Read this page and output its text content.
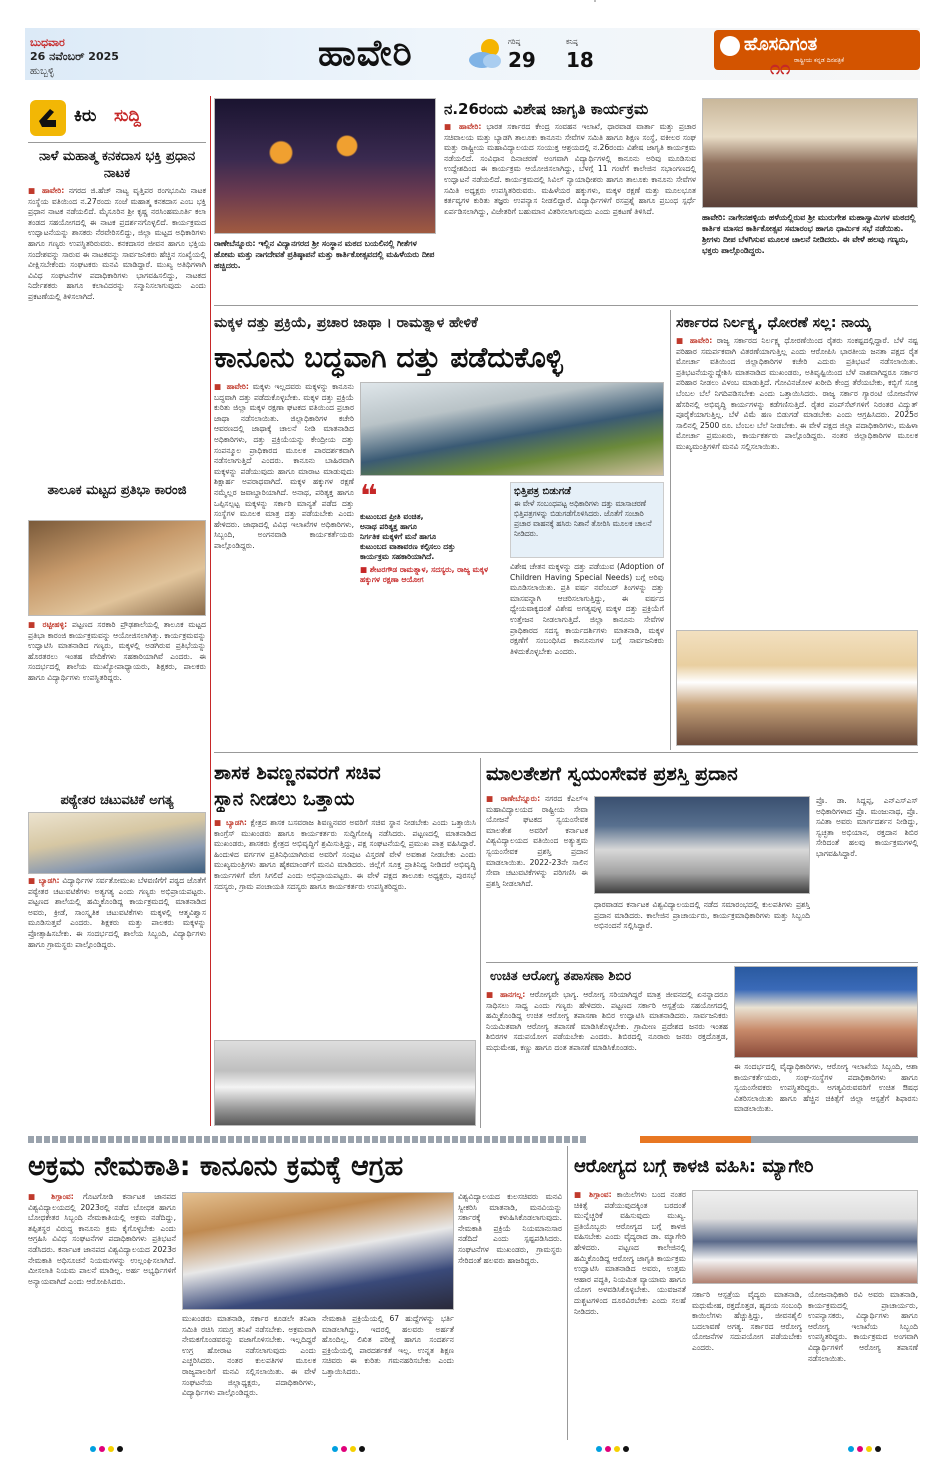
ಬುಧವಾರ
26 ನವೆಂಬರ್ 2025
ಹುಬ್ಬಳ್ಳಿ	ಹಾವೇರಿ	ಗರಿಷ್ಠ
29
ಕನಿಷ್ಠ
18
ಹೊಸದಿಗಂತ
ರಾಷ್ಟ್ರೀಯ ಕನ್ನಡ ದಿನಪತ್ರಿಕೆ
೧೧
ಕಿರು ಸುದ್ದಿ
ನಾಳೆ ಮಹಾತ್ಮ ಕನಕದಾಸ ಭಕ್ತಿ ಪ್ರಧಾನ ನಾಟಕ
■ ಹಾವೇರಿ: ನಗರದ ಜಿ.ಹೆಚ್ ನಾಟ್ಯ ವೃತ್ತಿಪರ ರಂಗಭೂಮಿ ನಾಟಕ ಸಂಸ್ಥೆಯ ವತಿಯಿಂದ ನ.27ರಂದು ಸಂಜೆ ಮಹಾತ್ಮ ಕನಕದಾಸ ಎಂಬ ಭಕ್ತಿ ಪ್ರಧಾನ ನಾಟಕ ನಡೆಯಲಿದೆ. ಮೈಸೂರಿನ ಶ್ರೀ ಕೃಷ್ಣ ನರಸಿಂಹಮೂರ್ತಿ ಕಲಾ ತಂಡದ ಸಹಯೋಗದಲ್ಲಿ ಈ ನಾಟಕ ಪ್ರದರ್ಶನಗೊಳ್ಳಲಿದೆ. ಕಾರ್ಯಕ್ರಮದ ಉದ್ಘಾಟನೆಯನ್ನು ಶಾಸಕರು ನೆರವೇರಿಸಲಿದ್ದು, ಜಿಲ್ಲಾ ಮಟ್ಟದ ಅಧಿಕಾರಿಗಳು ಹಾಗೂ ಗಣ್ಯರು ಉಪಸ್ಥಿತರಿರುವರು. ಕನಕದಾಸರ ಜೀವನ ಹಾಗೂ ಭಕ್ತಿಯ ಸಂದೇಶವನ್ನು ಸಾರುವ ಈ ನಾಟಕವನ್ನು ಸಾರ್ವಜನಿಕರು ಹೆಚ್ಚಿನ ಸಂಖ್ಯೆಯಲ್ಲಿ ವೀಕ್ಷಿಸಬೇಕೆಂದು ಸಂಘಟಕರು ಮನವಿ ಮಾಡಿದ್ದಾರೆ. ಮುಖ್ಯ ಅತಿಥಿಗಳಾಗಿ ವಿವಿಧ ಸಂಘಟನೆಗಳ ಪದಾಧಿಕಾರಿಗಳು ಭಾಗವಹಿಸಲಿದ್ದು, ನಾಟಕದ ನಿರ್ದೇಶಕರು ಹಾಗೂ ಕಲಾವಿದರನ್ನು ಸನ್ಮಾನಿಸಲಾಗುವುದು ಎಂದು ಪ್ರಕಟಣೆಯಲ್ಲಿ ತಿಳಿಸಲಾಗಿದೆ.
ತಾಲೂಕ ಮಟ್ಟದ ಪ್ರತಿಭಾ ಕಾರಂಜಿ
■ ರಟ್ಟೀಹಳ್ಳಿ: ಪಟ್ಟಣದ ಸರಕಾರಿ ಪ್ರೌಢಶಾಲೆಯಲ್ಲಿ ತಾಲೂಕ ಮಟ್ಟದ ಪ್ರತಿಭಾ ಕಾರಂಜಿ ಕಾರ್ಯಕ್ರಮವನ್ನು ಆಯೋಜಿಸಲಾಗಿತ್ತು. ಕಾರ್ಯಕ್ರಮವನ್ನು ಉದ್ಘಾಟಿಸಿ ಮಾತನಾಡಿದ ಗಣ್ಯರು, ಮಕ್ಕಳಲ್ಲಿ ಅಡಗಿರುವ ಪ್ರತಿಭೆಯನ್ನು ಹೊರತರಲು ಇಂತಹ ವೇದಿಕೆಗಳು ಸಹಕಾರಿಯಾಗಿವೆ ಎಂದರು. ಈ ಸಂದರ್ಭದಲ್ಲಿ ಶಾಲೆಯ ಮುಖ್ಯೋಪಾಧ್ಯಾಯರು, ಶಿಕ್ಷಕರು, ಪಾಲಕರು ಹಾಗೂ ವಿದ್ಯಾರ್ಥಿಗಳು ಉಪಸ್ಥಿತರಿದ್ದರು.
ಪಠ್ಯೇತರ ಚಟುವಟಿಕೆ ಅಗತ್ಯ
■ ಬ್ಯಾಡಗಿ: ವಿದ್ಯಾರ್ಥಿಗಳ ಸರ್ವತೋಮುಖ ಬೆಳವಣಿಗೆಗೆ ಪಠ್ಯದ ಜೊತೆಗೆ ಪಠ್ಯೇತರ ಚಟುವಟಿಕೆಗಳು ಅತ್ಯಗತ್ಯ ಎಂದು ಗಣ್ಯರು ಅಭಿಪ್ರಾಯಪಟ್ಟರು. ಪಟ್ಟಣದ ಶಾಲೆಯಲ್ಲಿ ಹಮ್ಮಿಕೊಂಡಿದ್ದ ಕಾರ್ಯಕ್ರಮದಲ್ಲಿ ಮಾತನಾಡಿದ ಅವರು, ಕ್ರೀಡೆ, ಸಾಂಸ್ಕೃತಿಕ ಚಟುವಟಿಕೆಗಳು ಮಕ್ಕಳಲ್ಲಿ ಆತ್ಮವಿಶ್ವಾಸ ಮೂಡಿಸುತ್ತವೆ ಎಂದರು. ಶಿಕ್ಷಕರು ಮತ್ತು ಪಾಲಕರು ಮಕ್ಕಳನ್ನು ಪ್ರೋತ್ಸಾಹಿಸಬೇಕು. ಈ ಸಂದರ್ಭದಲ್ಲಿ ಶಾಲೆಯ ಸಿಬ್ಬಂದಿ, ವಿದ್ಯಾರ್ಥಿಗಳು ಹಾಗೂ ಗ್ರಾಮಸ್ಥರು ಪಾಲ್ಗೊಂಡಿದ್ದರು.
ರಾಣೇಬೆನ್ನೂರು: ಇಲ್ಲಿನ ವಿದ್ಯಾನಗರದ ಶ್ರೀ ಸಂಸ್ಥಾನ ಮಠದ ಬಯಲಿನಲ್ಲಿ ಗೀತೆಗಳ ಹೋಮ ಮತ್ತು ನಾಗದೇವತೆ ಪ್ರತಿಷ್ಠಾಪನೆ ಮತ್ತು ಕಾರ್ತಿಕೋತ್ಸವದಲ್ಲಿ ಮಹಿಳೆಯರು ದೀಪ ಹಚ್ಚಿದರು.
ನ.26ರಂದು ವಿಶೇಷ ಜಾಗೃತಿ ಕಾರ್ಯಕ್ರಮ
■ ಹಾವೇರಿ: ಭಾರತ ಸರ್ಕಾರದ ಕೇಂದ್ರ ಸಂವಹನ ಇಲಾಖೆ, ಧಾರವಾಡ ವಾರ್ತಾ ಮತ್ತು ಪ್ರಚಾರ ಸಚಿವಾಲಯ ಮತ್ತು ಬ್ಯಾಡಗಿ ತಾಲೂಕು ಕಾನೂನು ಸೇವೆಗಳ ಸಮಿತಿ ಹಾಗೂ ಶಿಕ್ಷಣ ಸಂಸ್ಥೆ, ವಕೀಲರ ಸಂಘ ಮತ್ತು ರಾಷ್ಟ್ರೀಯ ಮಹಾವಿದ್ಯಾಲಯದ ಸಂಯುಕ್ತ ಆಶ್ರಯದಲ್ಲಿ ನ.26ರಂದು ವಿಶೇಷ ಜಾಗೃತಿ ಕಾರ್ಯಕ್ರಮ ನಡೆಯಲಿದೆ. ಸಂವಿಧಾನ ದಿನಾಚರಣೆ ಅಂಗವಾಗಿ ವಿದ್ಯಾರ್ಥಿಗಳಲ್ಲಿ ಕಾನೂನು ಅರಿವು ಮೂಡಿಸುವ ಉದ್ದೇಶದಿಂದ ಈ ಕಾರ್ಯಕ್ರಮ ಆಯೋಜಿಸಲಾಗಿದ್ದು, ಬೆಳಗ್ಗೆ 11 ಗಂಟೆಗೆ ಕಾಲೇಜಿನ ಸಭಾಂಗಣದಲ್ಲಿ ಉದ್ಘಾಟನೆ ನಡೆಯಲಿದೆ. ಕಾರ್ಯಕ್ರಮದಲ್ಲಿ ಸಿವಿಲ್ ನ್ಯಾಯಾಧೀಶರು ಹಾಗೂ ತಾಲೂಕು ಕಾನೂನು ಸೇವೆಗಳ ಸಮಿತಿ ಅಧ್ಯಕ್ಷರು ಉಪಸ್ಥಿತರಿರುವರು. ಮಹಿಳೆಯರ ಹಕ್ಕುಗಳು, ಮಕ್ಕಳ ರಕ್ಷಣೆ ಮತ್ತು ಮೂಲಭೂತ ಕರ್ತವ್ಯಗಳ ಕುರಿತು ತಜ್ಞರು ಉಪನ್ಯಾಸ ನೀಡಲಿದ್ದಾರೆ. ವಿದ್ಯಾರ್ಥಿಗಳಿಗೆ ರಸಪ್ರಶ್ನೆ ಹಾಗೂ ಪ್ರಬಂಧ ಸ್ಪರ್ಧೆ ಏರ್ಪಡಿಸಲಾಗಿದ್ದು, ವಿಜೇತರಿಗೆ ಬಹುಮಾನ ವಿತರಿಸಲಾಗುವುದು ಎಂದು ಪ್ರಕಟಣೆ ತಿಳಿಸಿದೆ.
ಹಾವೇರಿ: ನಾಗೇನಹಳ್ಳಿಯ ಹಳೆಯಲ್ಲಿರುವ ಶ್ರೀ ಮುರುಗೇಶ ಮಹಾಸ್ವಾಮಿಗಳ ಮಠದಲ್ಲಿ ಕಾರ್ತಿಕ ಮಾಸದ ಕಾರ್ತಿಕೋತ್ಸವ ಸಮಾರಂಭ ಹಾಗೂ ಧಾರ್ಮಿಕ ಸಭೆ ನಡೆಯಿತು. ಶ್ರೀಗಳು ದೀಪ ಬೆಳಗಿಸುವ ಮೂಲಕ ಚಾಲನೆ ನೀಡಿದರು. ಈ ವೇಳೆ ಹಲವು ಗಣ್ಯರು, ಭಕ್ತರು ಪಾಲ್ಗೊಂಡಿದ್ದರು.
ಮಕ್ಕಳ ದತ್ತು ಪ್ರಕ್ರಿಯೆ, ಪ್ರಚಾರ ಜಾಥಾ । ರಾಮತ್ನಾಳ ಹೇಳಿಕೆ
ಕಾನೂನು ಬದ್ಧವಾಗಿ ದತ್ತು ಪಡೆದುಕೊಳ್ಳಿ
■ ಹಾವೇರಿ: ಮಕ್ಕಳು ಇಲ್ಲದವರು ಮಕ್ಕಳನ್ನು ಕಾನೂನು ಬದ್ಧವಾಗಿ ದತ್ತು ಪಡೆದುಕೊಳ್ಳಬೇಕು. ಮಕ್ಕಳ ದತ್ತು ಪ್ರಕ್ರಿಯೆ ಕುರಿತು ಜಿಲ್ಲಾ ಮಕ್ಕಳ ರಕ್ಷಣಾ ಘಟಕದ ವತಿಯಿಂದ ಪ್ರಚಾರ ಜಾಥಾ ನಡೆಸಲಾಯಿತು. ಜಿಲ್ಲಾಧಿಕಾರಿಗಳ ಕಚೇರಿ ಆವರಣದಲ್ಲಿ ಜಾಥಾಕ್ಕೆ ಚಾಲನೆ ನೀಡಿ ಮಾತನಾಡಿದ ಅಧಿಕಾರಿಗಳು, ದತ್ತು ಪ್ರಕ್ರಿಯೆಯನ್ನು ಕೇಂದ್ರೀಯ ದತ್ತು ಸಂಪನ್ಮೂಲ ಪ್ರಾಧಿಕಾರದ ಮೂಲಕ ಪಾರದರ್ಶಕವಾಗಿ ನಡೆಸಲಾಗುತ್ತಿದೆ ಎಂದರು. ಕಾನೂನು ಬಾಹಿರವಾಗಿ ಮಕ್ಕಳನ್ನು ಪಡೆಯುವುದು ಹಾಗೂ ಮಾರಾಟ ಮಾಡುವುದು ಶಿಕ್ಷಾರ್ಹ ಅಪರಾಧವಾಗಿದೆ. ಮಕ್ಕಳ ಹಕ್ಕುಗಳ ರಕ್ಷಣೆ ನಮ್ಮೆಲ್ಲರ ಜವಾಬ್ದಾರಿಯಾಗಿದೆ. ಅನಾಥ, ಪರಿತ್ಯಕ್ತ ಹಾಗೂ ಒಪ್ಪಿಸಲ್ಪಟ್ಟ ಮಕ್ಕಳನ್ನು ಸರ್ಕಾರಿ ಮಾನ್ಯತೆ ಪಡೆದ ದತ್ತು ಸಂಸ್ಥೆಗಳ ಮೂಲಕ ಮಾತ್ರ ದತ್ತು ಪಡೆಯಬೇಕು ಎಂದು ಹೇಳಿದರು. ಜಾಥಾದಲ್ಲಿ ವಿವಿಧ ಇಲಾಖೆಗಳ ಅಧಿಕಾರಿಗಳು, ಸಿಬ್ಬಂದಿ, ಅಂಗನವಾಡಿ ಕಾರ್ಯಕರ್ತೆಯರು ಪಾಲ್ಗೊಂಡಿದ್ದರು.
❝
ಕುಟುಂಬದ ಪ್ರೀತಿ ವಂಚಿತ,
ಅನಾಥ ಪರಿತ್ಯಕ್ತ ಹಾಗೂ
ನಿರ್ಗತಿಕ ಮಕ್ಕಳಿಗೆ ಮನೆ ಹಾಗೂ
ಕುಟುಂಬದ ವಾತಾವರಣ ಕಲ್ಪಿಸಲು ದತ್ತು
ಕಾರ್ಯಕ್ರಮ ಸಹಕಾರಿಯಾಗಿದೆ.
■ ಶೇಟರಗೌಡ ರಾಮತ್ನಾಳ, ಸದಸ್ಯರು, ರಾಜ್ಯ ಮಕ್ಕಳ ಹಕ್ಕುಗಳ ರಕ್ಷಣಾ ಆಯೋಗ
ಭಿತ್ತಿಪತ್ರ ಬಿಡುಗಡೆ
ಈ ವೇಳೆ ಸಂಬಂಧಪಟ್ಟ ಅಧಿಕಾರಿಗಳು ದತ್ತು ಮಾಸಾಚರಣೆ ಭಿತ್ತಿಪತ್ರಗಳನ್ನು ಬಿಡುಗಡೆಗೊಳಿಸಿದರು. ಜೊತೆಗೆ ಸಂಚಾರಿ ಪ್ರಚಾರ ವಾಹನಕ್ಕೆ ಹಸಿರು ನಿಶಾನೆ ತೋರಿಸಿ ಮೂಲಕ ಚಾಲನೆ ನೀಡಿದರು.
ವಿಶೇಷ ಚೇತನ ಮಕ್ಕಳನ್ನು ದತ್ತು ಪಡೆಯುವ (Adoption of Children Having Special Needs) ಬಗ್ಗೆ ಅರಿವು ಮೂಡಿಸಲಾಯಿತು. ಪ್ರತಿ ವರ್ಷ ನವೆಂಬರ್ ತಿಂಗಳನ್ನು ದತ್ತು ಮಾಸವನ್ನಾಗಿ ಆಚರಿಸಲಾಗುತ್ತಿದ್ದು, ಈ ವರ್ಷದ ಧ್ಯೇಯವಾಕ್ಯದಂತೆ ವಿಶೇಷ ಅಗತ್ಯವುಳ್ಳ ಮಕ್ಕಳ ದತ್ತು ಪ್ರಕ್ರಿಯೆಗೆ ಉತ್ತೇಜನ ನೀಡಲಾಗುತ್ತಿದೆ. ಜಿಲ್ಲಾ ಕಾನೂನು ಸೇವೆಗಳ ಪ್ರಾಧಿಕಾರದ ಸದಸ್ಯ ಕಾರ್ಯದರ್ಶಿಗಳು ಮಾತನಾಡಿ, ಮಕ್ಕಳ ರಕ್ಷಣೆಗೆ ಸಂಬಂಧಿಸಿದ ಕಾನೂನುಗಳ ಬಗ್ಗೆ ಸಾರ್ವಜನಿಕರು ತಿಳಿದುಕೊಳ್ಳಬೇಕು ಎಂದರು.
ಸರ್ಕಾರದ ನಿರ್ಲಕ್ಷ್ಯ, ಧೋರಣೆ ಸಲ್ಲ: ನಾಯ್ಕ
■ ಹಾವೇರಿ: ರಾಜ್ಯ ಸರ್ಕಾರದ ನಿರ್ಲಕ್ಷ್ಯ ಧೋರಣೆಯಿಂದ ರೈತರು ಸಂಕಷ್ಟದಲ್ಲಿದ್ದಾರೆ. ಬೆಳೆ ನಷ್ಟ ಪರಿಹಾರ ಸಮರ್ಪಕವಾಗಿ ವಿತರಣೆಯಾಗುತ್ತಿಲ್ಲ ಎಂದು ಆರೋಪಿಸಿ ಭಾರತೀಯ ಜನತಾ ಪಕ್ಷದ ರೈತ ಮೋರ್ಚಾ ವತಿಯಿಂದ ಜಿಲ್ಲಾಧಿಕಾರಿಗಳ ಕಚೇರಿ ಎದುರು ಪ್ರತಿಭಟನೆ ನಡೆಸಲಾಯಿತು. ಪ್ರತಿಭಟನೆಯನ್ನುದ್ದೇಶಿಸಿ ಮಾತನಾಡಿದ ಮುಖಂಡರು, ಅತಿವೃಷ್ಟಿಯಿಂದ ಬೆಳೆ ನಾಶವಾಗಿದ್ದರೂ ಸರ್ಕಾರ ಪರಿಹಾರ ನೀಡಲು ವಿಳಂಬ ಮಾಡುತ್ತಿದೆ. ಗೋವಿನಜೋಳ ಖರೀದಿ ಕೇಂದ್ರ ತೆರೆಯಬೇಕು, ಕಬ್ಬಿಗೆ ಸೂಕ್ತ ಬೆಂಬಲ ಬೆಲೆ ನಿಗದಿಪಡಿಸಬೇಕು ಎಂದು ಒತ್ತಾಯಿಸಿದರು. ರಾಜ್ಯ ಸರ್ಕಾರ ಗ್ಯಾರಂಟಿ ಯೋಜನೆಗಳ ಹೆಸರಿನಲ್ಲಿ ಅಭಿವೃದ್ಧಿ ಕಾರ್ಯಗಳನ್ನು ಕಡೆಗಣಿಸುತ್ತಿದೆ. ರೈತರ ಪಂಪ್‌ಸೆಟ್‌ಗಳಿಗೆ ನಿರಂತರ ವಿದ್ಯುತ್ ಪೂರೈಕೆಯಾಗುತ್ತಿಲ್ಲ. ಬೆಳೆ ವಿಮೆ ಹಣ ಬಿಡುಗಡೆ ಮಾಡಬೇಕು ಎಂದು ಆಗ್ರಹಿಸಿದರು. 2025ರ ಸಾಲಿನಲ್ಲಿ 2500 ರೂ. ಬೆಂಬಲ ಬೆಲೆ ನೀಡಬೇಕು. ಈ ವೇಳೆ ಪಕ್ಷದ ಜಿಲ್ಲಾ ಪದಾಧಿಕಾರಿಗಳು, ಮಹಿಳಾ ಮೋರ್ಚಾ ಪ್ರಮುಖರು, ಕಾರ್ಯಕರ್ತರು ಪಾಲ್ಗೊಂಡಿದ್ದರು. ನಂತರ ಜಿಲ್ಲಾಧಿಕಾರಿಗಳ ಮೂಲಕ ಮುಖ್ಯಮಂತ್ರಿಗಳಿಗೆ ಮನವಿ ಸಲ್ಲಿಸಲಾಯಿತು.
ಶಾಸಕ ಶಿವಣ್ಣನವರಗೆ ಸಚಿವ
ಸ್ಥಾನ ನೀಡಲು ಒತ್ತಾಯ
■ ಬ್ಯಾಡಗಿ: ಕ್ಷೇತ್ರದ ಶಾಸಕ ಬಸವರಾಜ ಶಿವಣ್ಣನವರ ಅವರಿಗೆ ಸಚಿವ ಸ್ಥಾನ ನೀಡಬೇಕು ಎಂದು ಒತ್ತಾಯಿಸಿ ಕಾಂಗ್ರೆಸ್ ಮುಖಂಡರು ಹಾಗೂ ಕಾರ್ಯಕರ್ತರು ಸುದ್ದಿಗೋಷ್ಠಿ ನಡೆಸಿದರು. ಪಟ್ಟಣದಲ್ಲಿ ಮಾತನಾಡಿದ ಮುಖಂಡರು, ಶಾಸಕರು ಕ್ಷೇತ್ರದ ಅಭಿವೃದ್ಧಿಗೆ ಶ್ರಮಿಸುತ್ತಿದ್ದು, ಪಕ್ಷ ಸಂಘಟನೆಯಲ್ಲಿ ಪ್ರಮುಖ ಪಾತ್ರ ವಹಿಸಿದ್ದಾರೆ. ಹಿಂದುಳಿದ ವರ್ಗಗಳ ಪ್ರತಿನಿಧಿಯಾಗಿರುವ ಅವರಿಗೆ ಸಂಪುಟ ವಿಸ್ತರಣೆ ವೇಳೆ ಅವಕಾಶ ನೀಡಬೇಕು ಎಂದು ಮುಖ್ಯಮಂತ್ರಿಗಳು ಹಾಗೂ ಹೈಕಮಾಂಡ್‌ಗೆ ಮನವಿ ಮಾಡಿದರು. ಜಿಲ್ಲೆಗೆ ಸೂಕ್ತ ಪ್ರಾತಿನಿಧ್ಯ ನೀಡಿದರೆ ಅಭಿವೃದ್ಧಿ ಕಾರ್ಯಗಳಿಗೆ ವೇಗ ಸಿಗಲಿದೆ ಎಂದು ಅಭಿಪ್ರಾಯಪಟ್ಟರು. ಈ ವೇಳೆ ಪಕ್ಷದ ತಾಲೂಕು ಅಧ್ಯಕ್ಷರು, ಪುರಸಭೆ ಸದಸ್ಯರು, ಗ್ರಾಮ ಪಂಚಾಯತಿ ಸದಸ್ಯರು ಹಾಗೂ ಕಾರ್ಯಕರ್ತರು ಉಪಸ್ಥಿತರಿದ್ದರು.
ಮಾಲತೇಶಗೆ ಸ್ವಯಂಸೇವಕ ಪ್ರಶಸ್ತಿ ಪ್ರದಾನ
■ ರಾಣೇಬೆನ್ನೂರು: ನಗರದ ಕೆಎಲ್‌ಇ ಮಹಾವಿದ್ಯಾಲಯದ ರಾಷ್ಟ್ರೀಯ ಸೇವಾ ಯೋಜನೆ ಘಟಕದ ಸ್ವಯಂಸೇವಕ ಮಾಲತೇಶ ಅವರಿಗೆ ಕರ್ನಾಟಕ ವಿಶ್ವವಿದ್ಯಾಲಯದ ವತಿಯಿಂದ ಅತ್ಯುತ್ತಮ ಸ್ವಯಂಸೇವಕ ಪ್ರಶಸ್ತಿ ಪ್ರದಾನ ಮಾಡಲಾಯಿತು. 2022-23ನೇ ಸಾಲಿನ ಸೇವಾ ಚಟುವಟಿಕೆಗಳನ್ನು ಪರಿಗಣಿಸಿ ಈ ಪ್ರಶಸ್ತಿ ನೀಡಲಾಗಿದೆ.
ಧಾರವಾಡದ ಕರ್ನಾಟಕ ವಿಶ್ವವಿದ್ಯಾಲಯದಲ್ಲಿ ನಡೆದ ಸಮಾರಂಭದಲ್ಲಿ ಕುಲಪತಿಗಳು ಪ್ರಶಸ್ತಿ ಪ್ರದಾನ ಮಾಡಿದರು. ಕಾಲೇಜಿನ ಪ್ರಾಚಾರ್ಯರು, ಕಾರ್ಯಕ್ರಮಾಧಿಕಾರಿಗಳು ಮತ್ತು ಸಿಬ್ಬಂದಿ ಅಭಿನಂದನೆ ಸಲ್ಲಿಸಿದ್ದಾರೆ.
ಪ್ರೊ. ಡಾ. ಸಿದ್ದಪ್ಪ, ಎನ್‌ಎಸ್‌ಎಸ್ ಅಧಿಕಾರಿಗಳಾದ ಪ್ರೊ. ಮಂಜುನಾಥ, ಪ್ರೊ. ಸವಿತಾ ಅವರು ಮಾರ್ಗದರ್ಶನ ನೀಡಿದ್ದು, ಸ್ವಚ್ಛತಾ ಅಭಿಯಾನ, ರಕ್ತದಾನ ಶಿಬಿರ ಸೇರಿದಂತೆ ಹಲವು ಕಾರ್ಯಕ್ರಮಗಳಲ್ಲಿ ಭಾಗವಹಿಸಿದ್ದಾರೆ.
ಉಚಿತ ಆರೋಗ್ಯ ತಪಾಸಣಾ ಶಿಬಿರ
■ ಹಾನಗಲ್ಲ: ಆರೋಗ್ಯವೇ ಭಾಗ್ಯ. ಆರೋಗ್ಯ ಸರಿಯಾಗಿದ್ದರೆ ಮಾತ್ರ ಜೀವನದಲ್ಲಿ ಏನನ್ನಾದರೂ ಸಾಧಿಸಲು ಸಾಧ್ಯ ಎಂದು ಗಣ್ಯರು ಹೇಳಿದರು. ಪಟ್ಟಣದ ಸರ್ಕಾರಿ ಆಸ್ಪತ್ರೆಯ ಸಹಯೋಗದಲ್ಲಿ ಹಮ್ಮಿಕೊಂಡಿದ್ದ ಉಚಿತ ಆರೋಗ್ಯ ತಪಾಸಣಾ ಶಿಬಿರ ಉದ್ಘಾಟಿಸಿ ಮಾತನಾಡಿದರು. ಸಾರ್ವಜನಿಕರು ನಿಯಮಿತವಾಗಿ ಆರೋಗ್ಯ ತಪಾಸಣೆ ಮಾಡಿಸಿಕೊಳ್ಳಬೇಕು. ಗ್ರಾಮೀಣ ಪ್ರದೇಶದ ಜನರು ಇಂತಹ ಶಿಬಿರಗಳ ಸದುಪಯೋಗ ಪಡೆಯಬೇಕು ಎಂದರು. ಶಿಬಿರದಲ್ಲಿ ನೂರಾರು ಜನರು ರಕ್ತದೊತ್ತಡ, ಮಧುಮೇಹ, ಕಣ್ಣು ಹಾಗೂ ದಂತ ತಪಾಸಣೆ ಮಾಡಿಸಿಕೊಂಡರು.
ಈ ಸಂದರ್ಭದಲ್ಲಿ ವೈದ್ಯಾಧಿಕಾರಿಗಳು, ಆರೋಗ್ಯ ಇಲಾಖೆಯ ಸಿಬ್ಬಂದಿ, ಆಶಾ ಕಾರ್ಯಕರ್ತೆಯರು, ಸಂಘ-ಸಂಸ್ಥೆಗಳ ಪದಾಧಿಕಾರಿಗಳು ಹಾಗೂ ಸ್ವಯಂಸೇವಕರು ಉಪಸ್ಥಿತರಿದ್ದರು. ಅಗತ್ಯವಿರುವವರಿಗೆ ಉಚಿತ ಔಷಧ ವಿತರಿಸಲಾಯಿತು ಹಾಗೂ ಹೆಚ್ಚಿನ ಚಿಕಿತ್ಸೆಗೆ ಜಿಲ್ಲಾ ಆಸ್ಪತ್ರೆಗೆ ಶಿಫಾರಸು ಮಾಡಲಾಯಿತು.
ಅಕ್ರಮ ನೇಮಕಾತಿ: ಕಾನೂನು ಕ್ರಮಕ್ಕೆ ಆಗ್ರಹ
■ ಶಿಗ್ಗಾಂವ: ಗೊಟಗೋಡಿ ಕರ್ನಾಟಕ ಜಾನಪದ ವಿಶ್ವವಿದ್ಯಾಲಯದಲ್ಲಿ 2023ರಲ್ಲಿ ನಡೆದ ಬೋಧಕ ಹಾಗೂ ಬೋಧಕೇತರ ಸಿಬ್ಬಂದಿ ನೇಮಕಾತಿಯಲ್ಲಿ ಅಕ್ರಮ ನಡೆದಿದ್ದು, ತಪ್ಪಿತಸ್ಥರ ವಿರುದ್ಧ ಕಾನೂನು ಕ್ರಮ ಕೈಗೊಳ್ಳಬೇಕು ಎಂದು ಆಗ್ರಹಿಸಿ ವಿವಿಧ ಸಂಘಟನೆಗಳ ಪದಾಧಿಕಾರಿಗಳು ಪ್ರತಿಭಟನೆ ನಡೆಸಿದರು. ಕರ್ನಾಟಕ ಜಾನಪದ ವಿಶ್ವವಿದ್ಯಾಲಯದ 2023ರ ನೇಮಕಾತಿ ಅಧಿಸೂಚನೆ ನಿಯಮಗಳನ್ನು ಉಲ್ಲಂಘಿಸಲಾಗಿದೆ. ಮೀಸಲಾತಿ ನಿಯಮ ಪಾಲನೆ ಮಾಡಿಲ್ಲ. ಅರ್ಹ ಅಭ್ಯರ್ಥಿಗಳಿಗೆ ಅನ್ಯಾಯವಾಗಿದೆ ಎಂದು ಆರೋಪಿಸಿದರು.
ಮುಖಂಡರು ಮಾತನಾಡಿ, ಸರ್ಕಾರ ಕೂಡಲೇ ತನಿಖಾ ಸಮಿತಿ ರಚಿಸಿ ಸಮಗ್ರ ತನಿಖೆ ನಡೆಸಬೇಕು. ಅಕ್ರಮವಾಗಿ ನೇಮಕಗೊಂಡವರನ್ನು ವಜಾಗೊಳಿಸಬೇಕು. ಇಲ್ಲದಿದ್ದರೆ ಉಗ್ರ ಹೋರಾಟ ನಡೆಸಲಾಗುವುದು ಎಂದು ಎಚ್ಚರಿಸಿದರು. ನಂತರ ಕುಲಪತಿಗಳ ಮೂಲಕ ರಾಜ್ಯಪಾಲರಿಗೆ ಮನವಿ ಸಲ್ಲಿಸಲಾಯಿತು. ಈ ವೇಳೆ ಸಂಘಟನೆಯ ಜಿಲ್ಲಾಧ್ಯಕ್ಷರು, ಪದಾಧಿಕಾರಿಗಳು, ವಿದ್ಯಾರ್ಥಿಗಳು ಪಾಲ್ಗೊಂಡಿದ್ದರು.
ನೇಮಕಾತಿ ಪ್ರಕ್ರಿಯೆಯಲ್ಲಿ 67 ಹುದ್ದೆಗಳನ್ನು ಭರ್ತಿ ಮಾಡಲಾಗಿದ್ದು, ಇದರಲ್ಲಿ ಹಲವರು ಅರ್ಹತೆ ಹೊಂದಿಲ್ಲ. ಲಿಖಿತ ಪರೀಕ್ಷೆ ಹಾಗೂ ಸಂದರ್ಶನ ಪ್ರಕ್ರಿಯೆಯಲ್ಲಿ ಪಾರದರ್ಶಕತೆ ಇಲ್ಲ. ಉನ್ನತ ಶಿಕ್ಷಣ ಸಚಿವರು ಈ ಕುರಿತು ಗಮನಹರಿಸಬೇಕು ಎಂದು ಒತ್ತಾಯಿಸಿದರು.
ವಿಶ್ವವಿದ್ಯಾಲಯದ ಕುಲಸಚಿವರು ಮನವಿ ಸ್ವೀಕರಿಸಿ ಮಾತನಾಡಿ, ಮನವಿಯನ್ನು ಸರ್ಕಾರಕ್ಕೆ ಕಳುಹಿಸಿಕೊಡಲಾಗುವುದು. ನೇಮಕಾತಿ ಪ್ರಕ್ರಿಯೆ ನಿಯಮಾನುಸಾರ ನಡೆದಿದೆ ಎಂದು ಸ್ಪಷ್ಟಪಡಿಸಿದರು. ಸಂಘಟನೆಗಳ ಮುಖಂಡರು, ಗ್ರಾಮಸ್ಥರು ಸೇರಿದಂತೆ ಹಲವರು ಹಾಜರಿದ್ದರು.
ಆರೋಗ್ಯದ ಬಗ್ಗೆ ಕಾಳಜಿ ವಹಿಸಿ: ಮ್ಯಾಗೇರಿ
■ ಶಿಗ್ಗಾಂವ: ಕಾಯಿಲೆಗಳು ಬಂದ ನಂತರ ಚಿಕಿತ್ಸೆ ಪಡೆಯುವುದಕ್ಕಿಂತ ಬರದಂತೆ ಮುನ್ನೆಚ್ಚರಿಕೆ ವಹಿಸುವುದು ಮುಖ್ಯ. ಪ್ರತಿಯೊಬ್ಬರು ಆರೋಗ್ಯದ ಬಗ್ಗೆ ಕಾಳಜಿ ವಹಿಸಬೇಕು ಎಂದು ವೈದ್ಯರಾದ ಡಾ. ಮ್ಯಾಗೇರಿ ಹೇಳಿದರು. ಪಟ್ಟಣದ ಕಾಲೇಜಿನಲ್ಲಿ ಹಮ್ಮಿಕೊಂಡಿದ್ದ ಆರೋಗ್ಯ ಜಾಗೃತಿ ಕಾರ್ಯಕ್ರಮ ಉದ್ಘಾಟಿಸಿ ಮಾತನಾಡಿದ ಅವರು, ಉತ್ತಮ ಆಹಾರ ಪದ್ಧತಿ, ನಿಯಮಿತ ವ್ಯಾಯಾಮ ಹಾಗೂ ಯೋಗ ಅಳವಡಿಸಿಕೊಳ್ಳಬೇಕು. ಯುವಜನತೆ ದುಶ್ಚಟಗಳಿಂದ ದೂರವಿರಬೇಕು ಎಂದು ಸಲಹೆ ನೀಡಿದರು.
ಸರ್ಕಾರಿ ಆಸ್ಪತ್ರೆಯ ವೈದ್ಯರು ಮಾತನಾಡಿ, ಮಧುಮೇಹ, ರಕ್ತದೊತ್ತಡ, ಹೃದಯ ಸಂಬಂಧಿ ಕಾಯಿಲೆಗಳು ಹೆಚ್ಚುತ್ತಿದ್ದು, ಜೀವನಶೈಲಿ ಬದಲಾವಣೆ ಅಗತ್ಯ. ಸರ್ಕಾರದ ಆರೋಗ್ಯ ಯೋಜನೆಗಳ ಸದುಪಯೋಗ ಪಡೆಯಬೇಕು ಎಂದರು.
ಯೋಜನಾಧಿಕಾರಿ ರವಿ ಅವರು ಮಾತನಾಡಿ, ಕಾರ್ಯಕ್ರಮದಲ್ಲಿ ಪ್ರಾಚಾರ್ಯರು, ಉಪನ್ಯಾಸಕರು, ವಿದ್ಯಾರ್ಥಿಗಳು ಹಾಗೂ ಆರೋಗ್ಯ ಇಲಾಖೆಯ ಸಿಬ್ಬಂದಿ ಉಪಸ್ಥಿತರಿದ್ದರು. ಕಾರ್ಯಕ್ರಮದ ಅಂಗವಾಗಿ ವಿದ್ಯಾರ್ಥಿಗಳಿಗೆ ಆರೋಗ್ಯ ತಪಾಸಣೆ ನಡೆಸಲಾಯಿತು.
